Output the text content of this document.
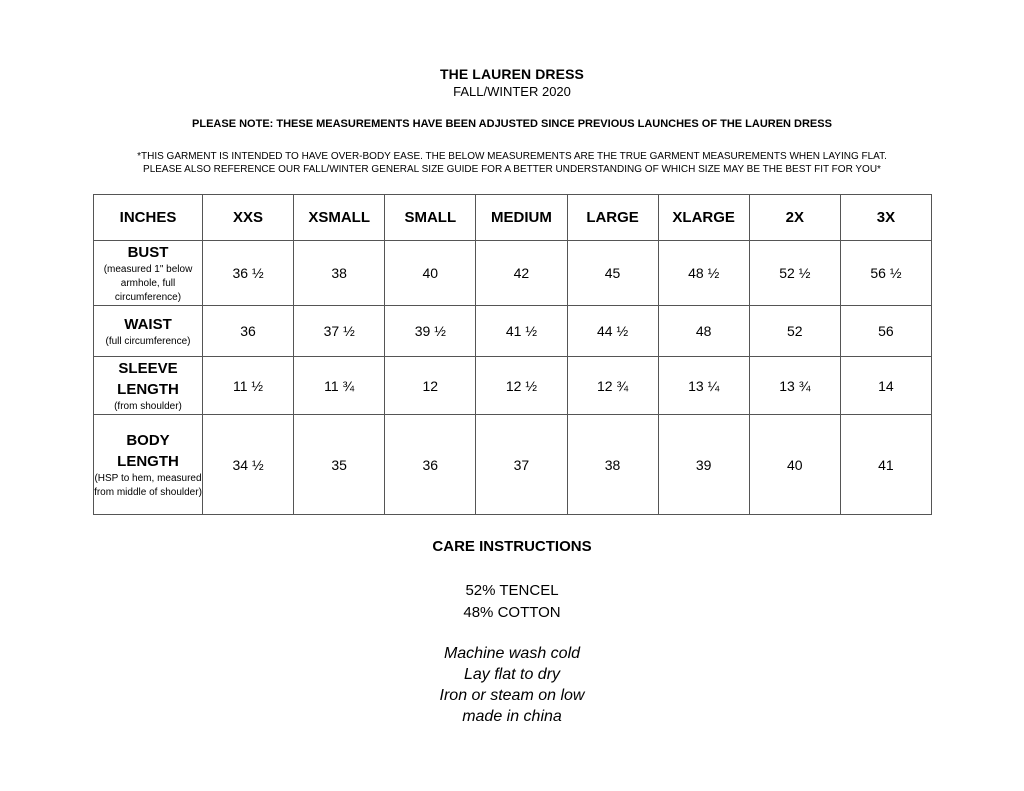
THE LAUREN DRESS
FALL/WINTER 2020
PLEASE NOTE: THESE MEASUREMENTS HAVE BEEN ADJUSTED SINCE PREVIOUS LAUNCHES OF THE LAUREN DRESS
*THIS GARMENT IS INTENDED TO HAVE OVER-BODY EASE. THE BELOW MEASUREMENTS ARE THE TRUE GARMENT MEASUREMENTS WHEN LAYING FLAT.
PLEASE ALSO REFERENCE OUR FALL/WINTER GENERAL SIZE GUIDE FOR A BETTER UNDERSTANDING OF WHICH SIZE MAY BE THE BEST FIT FOR YOU*
INCHES	XXS	XSMALL	SMALL	MEDIUM	LARGE	XLARGE	2X	3X

BUST
(measured 1" below armhole, full circumference)	36 ½	38	40	42	45	48 ½	52 ½	56 ½

WAIST
(full circumference)	36	37 ½	39 ½	41 ½	44 ½	48	52	56

SLEEVE LENGTH
(from shoulder)	11 ½	11 ¾	12	12 ½	12 ¾	13 ¼	13 ¾	14

BODY LENGTH
(HSP to hem, measured from middle of shoulder)	34 ½	35	36	37	38	39	40	41
CARE INSTRUCTIONS
52% TENCEL
48% COTTON
Machine wash cold
Lay flat to dry
Iron or steam on low
made in china
